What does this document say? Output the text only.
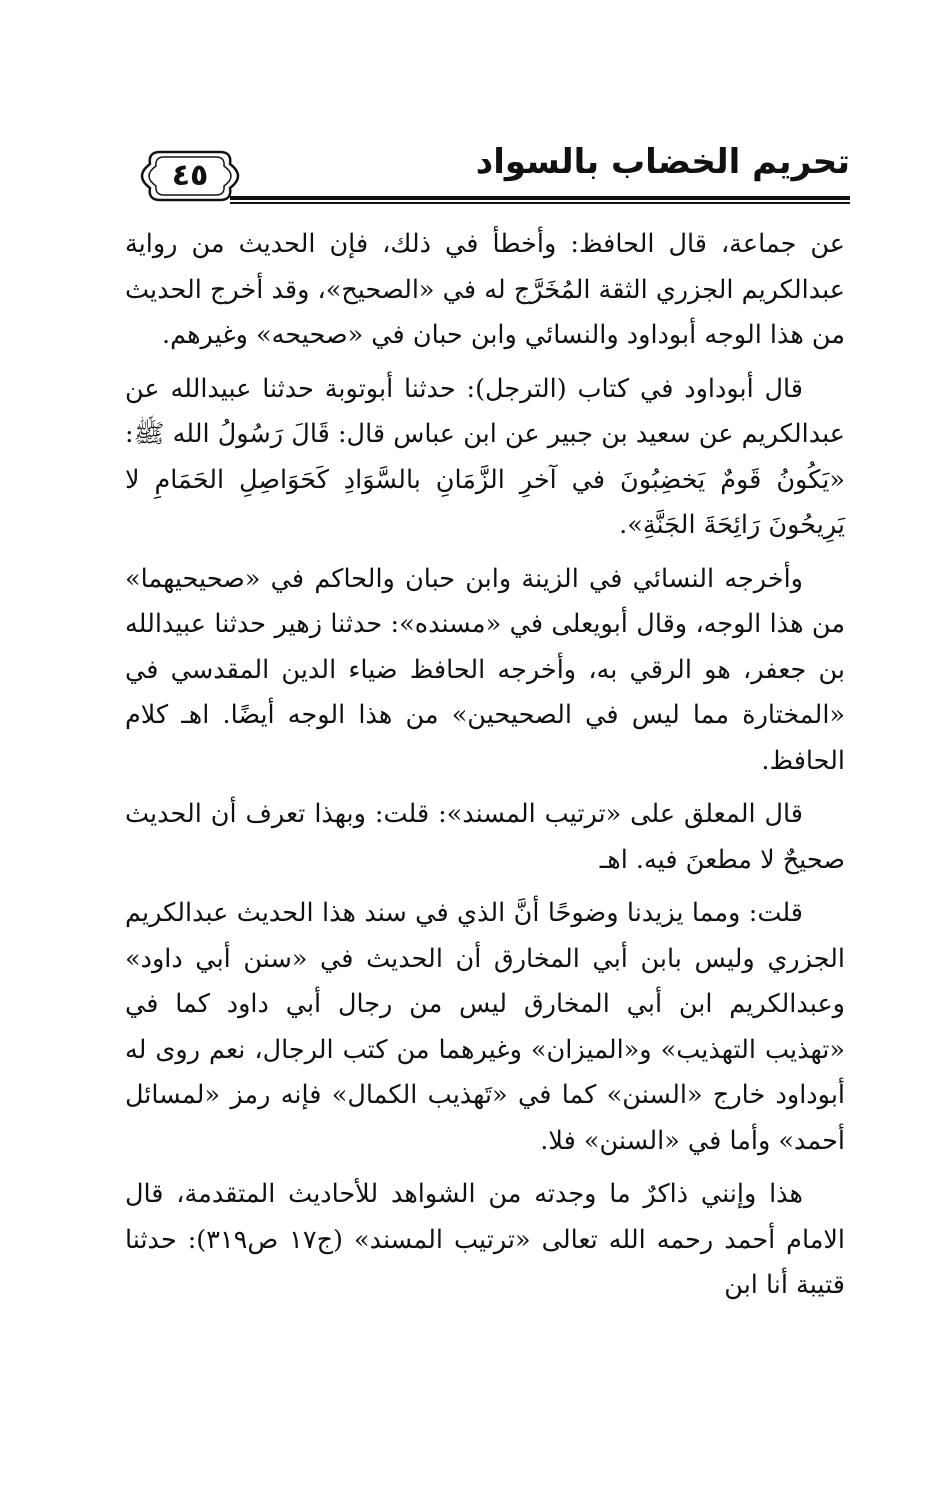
تحريم الخضاب بالسواد
٤٥

عن جماعة، قال الحافظ: وأخطأ في ذلك، فإن الحديث من رواية عبدالكريم الجزري الثقة المُخَرَّج له في «الصحيح»، وقد أخرج الحديث من هذا الوجه أبوداود والنسائي وابن حبان في «صحيحه» وغيرهم.

قال أبوداود في كتاب (الترجل): حدثنا أبوتوبة حدثنا عبيدالله عن عبدالكريم عن سعيد بن جبير عن ابن عباس قال: قَالَ رَسُولُ الله ﷺ: «يَكُونُ قَومٌ يَخضِبُونَ في آخرِ الزَّمَانِ بالسَّوَادِ كَحَوَاصِلِ الحَمَامِ لا يَرِيحُونَ رَائِحَةَ الجَنَّةِ».

وأخرجه النسائي في الزينة وابن حبان والحاكم في «صحيحيهما» من هذا الوجه، وقال أبويعلى في «مسنده»: حدثنا زهير حدثنا عبيدالله بن جعفر، هو الرقي به، وأخرجه الحافظ ضياء الدين المقدسي في «المختارة مما ليس في الصحيحين» من هذا الوجه أيضًا. اهـ كلام الحافظ.

قال المعلق على «ترتيب المسند»: قلت: وبهذا تعرف أن الحديث صحيحٌ لا مطعنَ فيه. اهـ

قلت: ومما يزيدنا وضوحًا أنَّ الذي في سند هذا الحديث عبدالكريم الجزري وليس بابن أبي المخارق أن الحديث في «سنن أبي داود» وعبدالكريم ابن أبي المخارق ليس من رجال أبي داود كما في «تهذيب التهذيب» و«الميزان» وغيرهما من كتب الرجال، نعم روى له أبوداود خارج «السنن» كما في «تَهذيب الكمال» فإنه رمز «لمسائل أحمد» وأما في «السنن» فلا.

هذا وإنني ذاكرٌ ما وجدته من الشواهد للأحاديث المتقدمة، قال الامام أحمد رحمه الله تعالى «ترتيب المسند» (ج١٧ ص٣١٩): حدثنا قتيبة أنا ابن
